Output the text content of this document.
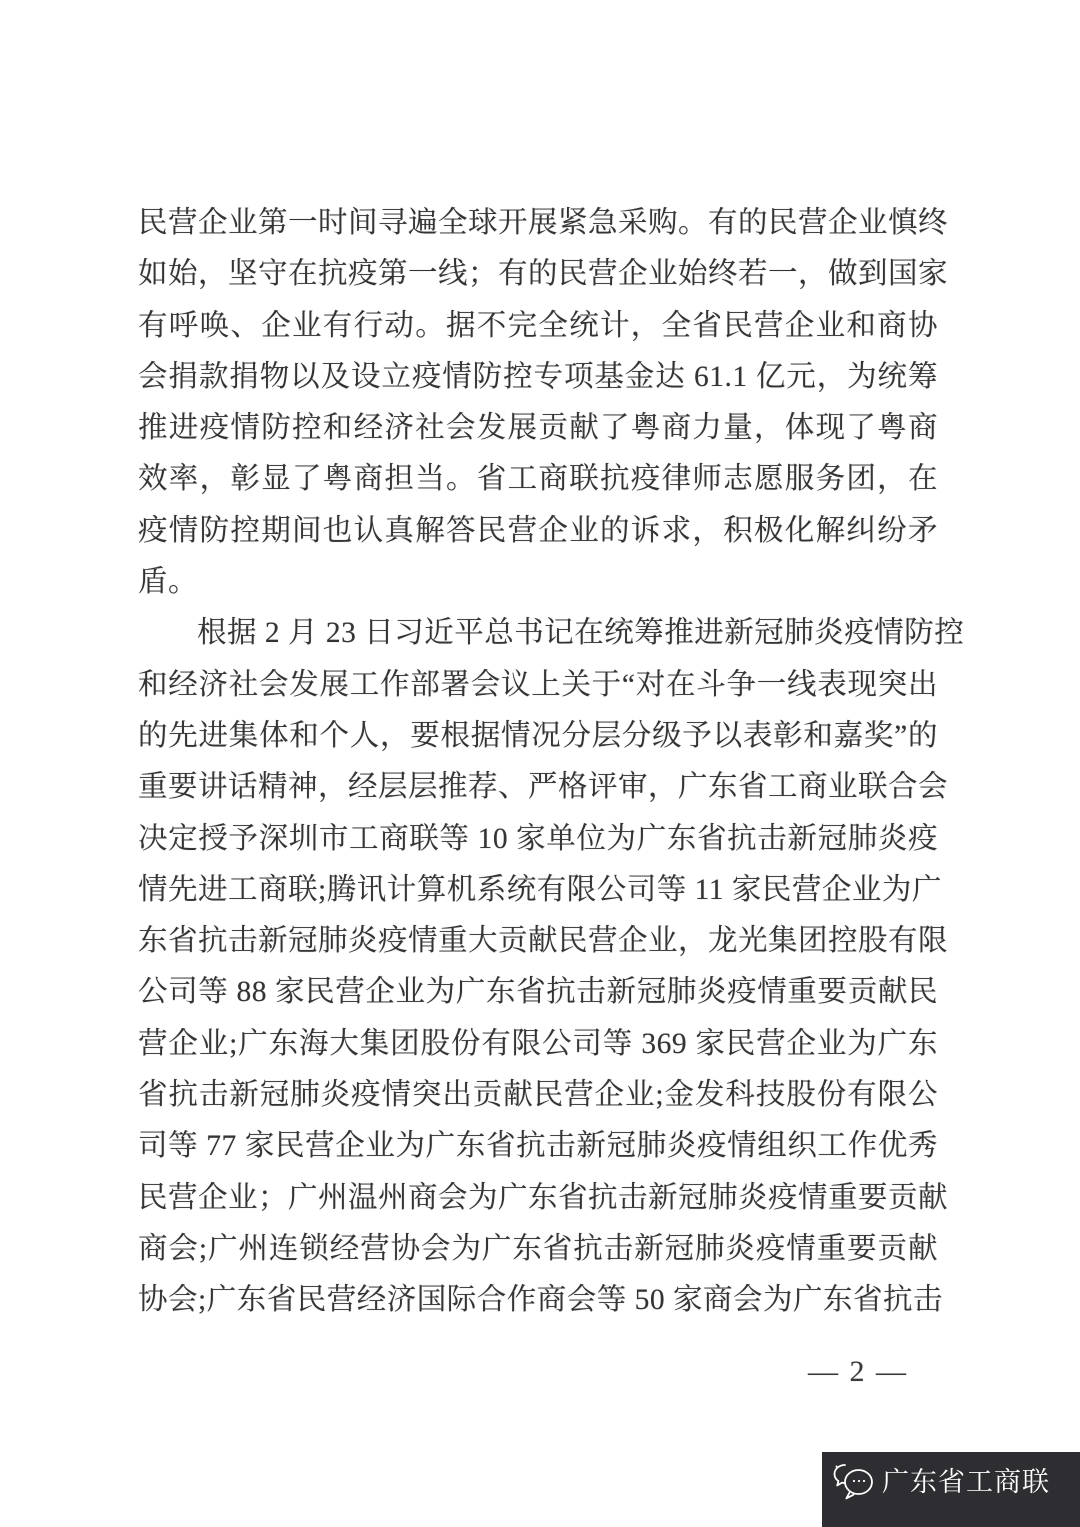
民营企业第一时间寻遍全球开展紧急采购。有的民营企业慎终
如始，坚守在抗疫第一线；有的民营企业始终若一，做到国家
有呼唤、企业有行动。据不完全统计，全省民营企业和商协
会捐款捐物以及设立疫情防控专项基金达 61.1 亿元，为统筹
推进疫情防控和经济社会发展贡献了粤商力量，体现了粤商
效率，彰显了粤商担当。省工商联抗疫律师志愿服务团，在
疫情防控期间也认真解答民营企业的诉求，积极化解纠纷矛
盾。
根据 2 月 23 日习近平总书记在统筹推进新冠肺炎疫情防控
和经济社会发展工作部署会议上关于“对在斗争一线表现突出
的先进集体和个人，要根据情况分层分级予以表彰和嘉奖”的
重要讲话精神，经层层推荐、严格评审，广东省工商业联合会
决定授予深圳市工商联等 10 家单位为广东省抗击新冠肺炎疫
情先进工商联;腾讯计算机系统有限公司等 11 家民营企业为广
东省抗击新冠肺炎疫情重大贡献民营企业，龙光集团控股有限
公司等 88 家民营企业为广东省抗击新冠肺炎疫情重要贡献民
营企业;广东海大集团股份有限公司等 369 家民营企业为广东
省抗击新冠肺炎疫情突出贡献民营企业;金发科技股份有限公
司等 77 家民营企业为广东省抗击新冠肺炎疫情组织工作优秀
民营企业；广州温州商会为广东省抗击新冠肺炎疫情重要贡献
商会;广州连锁经营协会为广东省抗击新冠肺炎疫情重要贡献
协会;广东省民营经济国际合作商会等 50 家商会为广东省抗击
— 2 —
广东省工商联
